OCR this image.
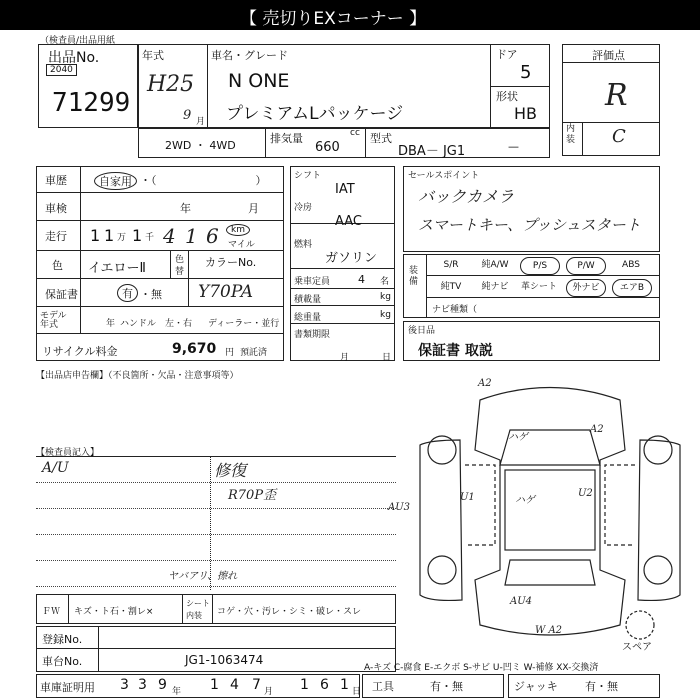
【 売切りEXコーナー 】
（検査員/出品用紙
出品No.
2040
71299
年式
H25
9 月
車名・グレード
N ONE
プレミアムLパッケージ
ドア
5
形状
HB
評価点
R
内装 C
2WD ・ 4WD
排気量	cc
660
型式
DBA－ JG1	—
車歴	自家用 ・（　　　　　　　　　）
車検	年	月
走行 1 1 万 1 千 4 1 6	km
マイル
色 イエローⅡ
色
替
カラーNo.
Y70PA
保証書	有 ・無
モデル年式	年 ハンドル　左・右 ディーラー・並行
リサイクル料金	9,670 円 預託済
シフト
IAT
冷房
AAC
燃料
ガソリン
乗車定員	4 名
積載量	kg
総重量	kg
書類期限
月	日
セールスポイント
バックカメラ
スマートキー、プッシュスタート
装備
S/R	純A/W	P/S	P/W	ABS
純TV	純ナビ	革シート	外ナビ	エアB
ナビ種類（
後日品
保証書 取説
【出品店申告欄】（不良箇所・欠品・注意事項等）
【検査員記入】
A/U	修復
R70P歪
ヤバアリ、擦れ
ＦＷ キズ・ト石・割レ×
シート
内装 コゲ・穴・汚レ・シミ・破レ・スレ
登録No.
車台No.	JG1-1063474
車庫証明用 3 3 9	1 4 7	1 6 1
年	月	日 工具	有・無	ジャッキ 有・無
A-キズ C-腐食 E-エクボ S-サビ U-凹ミ W-補修 XX-交換済
A2
A2
ハゲ
ハゲ
U1	U2
AU3
AU4
W A2
スペア
